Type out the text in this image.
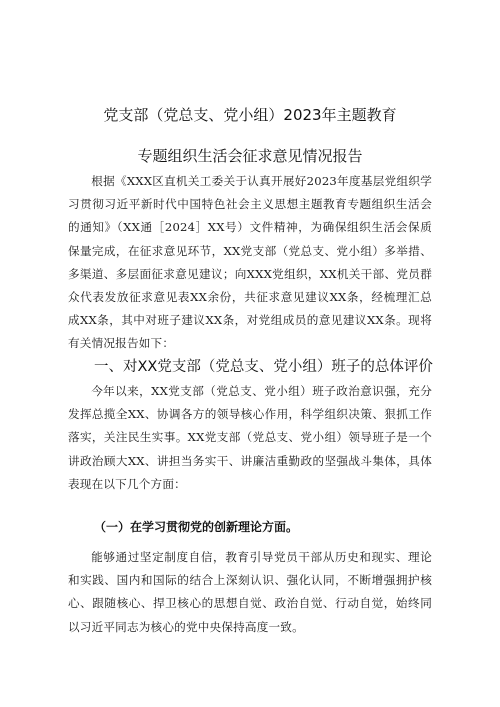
党支部（党总支、党小组）2023年主题教育
专题组织生活会征求意见情况报告

根据《XXX区直机关工委关于认真开展好2023年度基层党组织学习贯彻习近平新时代中国特色社会主义思想主题教育专题组织生活会的通知》（XX通［2024］XX号）文件精神，为确保组织生活会保质保量完成，在征求意见环节，XX党支部（党总支、党小组）多举措、多渠道、多层面征求意见建议；向XXX党组织，XX机关干部、党员群众代表发放征求意见表XX余份，共征求意见建议XX条，经梳理汇总成XX条，其中对班子建议XX条，对党组成员的意见建议XX条。现将有关情况报告如下：

一、对XX党支部（党总支、党小组）班子的总体评价

今年以来，XX党支部（党总支、党小组）班子政治意识强，充分发挥总揽全XX、协调各方的领导核心作用，科学组织决策、狠抓工作落实，关注民生实事。XX党支部（党总支、党小组）领导班子是一个讲政治顾大XX、讲担当务实干、讲廉洁重勤政的坚强战斗集体，具体表现在以下几个方面：

（一）在学习贯彻党的创新理论方面。

能够通过坚定制度自信，教育引导党员干部从历史和现实、理论和实践、国内和国际的结合上深刻认识、强化认同，不断增强拥护核心、跟随核心、捍卫核心的思想自觉、政治自觉、行动自觉，始终同以习近平同志为核心的党中央保持高度一致。
